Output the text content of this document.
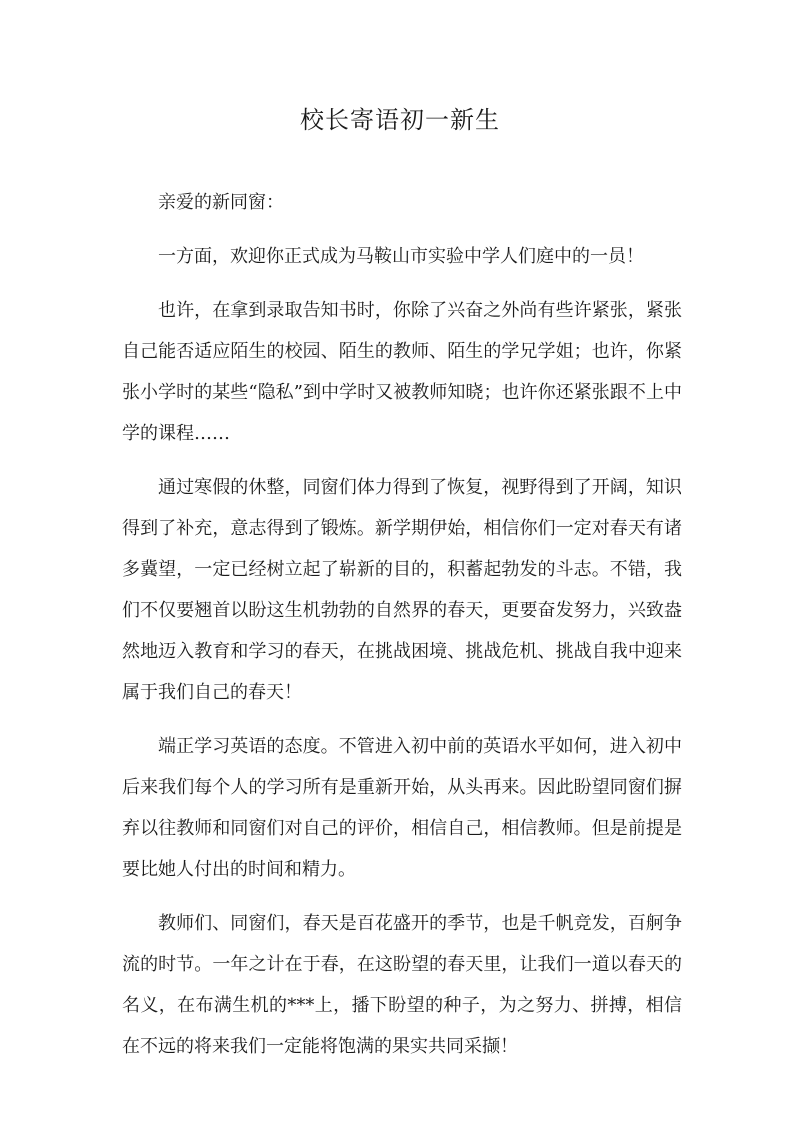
校长寄语初一新生

亲爱的新同窗：

一方面，欢迎你正式成为马鞍山市实验中学人们庭中的一员！

也许，在拿到录取告知书时，你除了兴奋之外尚有些许紧张，紧张自己能否适应陌生的校园、陌生的教师、陌生的学兄学姐；也许，你紧张小学时的某些“隐私”到中学时又被教师知晓；也许你还紧张跟不上中学的课程……

通过寒假的休整，同窗们体力得到了恢复，视野得到了开阔，知识得到了补充，意志得到了锻炼。新学期伊始，相信你们一定对春天有诸多冀望，一定已经树立起了崭新的目的，积蓄起勃发的斗志。不错，我们不仅要翘首以盼这生机勃勃的自然界的春天，更要奋发努力，兴致盎然地迈入教育和学习的春天，在挑战困境、挑战危机、挑战自我中迎来属于我们自己的春天！

端正学习英语的态度。不管进入初中前的英语水平如何，进入初中后来我们每个人的学习所有是重新开始，从头再来。因此盼望同窗们摒弃以往教师和同窗们对自己的评价，相信自己，相信教师。但是前提是要比她人付出的时间和精力。

教师们、同窗们，春天是百花盛开的季节，也是千帆竞发，百舸争流的时节。一年之计在于春，在这盼望的春天里，让我们一道以春天的名义，在布满生机的***上，播下盼望的种子，为之努力、拼搏，相信在不远的将来我们一定能将饱满的果实共同采撷！
